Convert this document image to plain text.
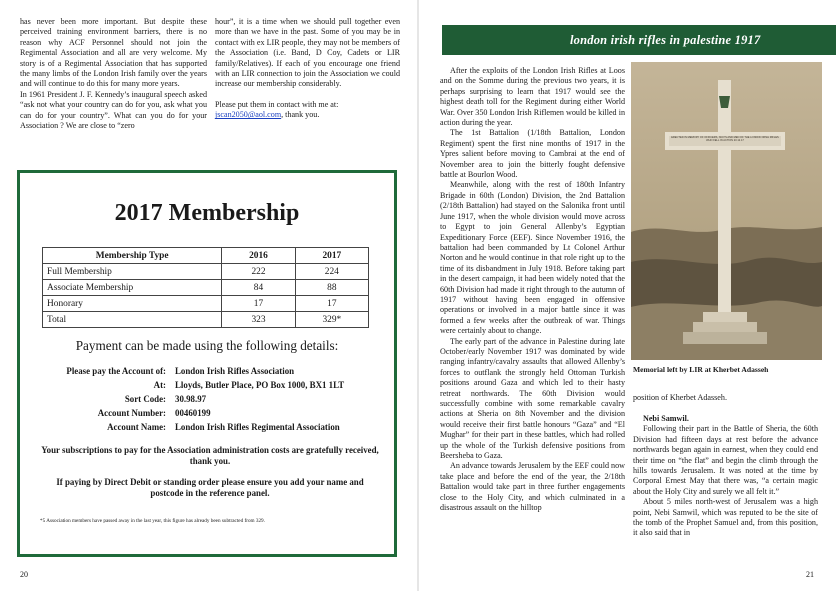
has never been more important. But despite these perceived training environment barriers, there is no reason why ACF Personnel should not join the Regimental Association and all are very welcome. My story is of a Regimental Association that has supported the many limbs of the London Irish family over the years and will continue to do this for many more years.

In 1961 President J. F. Kennedy’s inaugural speech asked “ask not what your country can do for you, ask what you can do for your country”. What can you do for your Association ? We are close to “zero

hour”, it is a time when we should pull together even more than we have in the past. Some of you may be in contact with ex LIR people, they may not be members of the Association (i.e. Band, D Coy, Cadets or LIR family/Relatives). If each of you encourage one friend with an LIR connection to join the Association we could increase our membership considerably.

Please put them in contact with me at:
jscan2050@aol.com, thank you.

2017 Membership
Membership Type	2016	2017
Full Membership	222	224
Associate Membership	84	88
Honorary	17	17
Total	323	329*
Payment can be made using the following details:
Please pay the Account of: London Irish Rifles Association
At: Lloyds, Butler Place, PO Box 1000, BX1 1LT
Sort Code: 30.98.97
Account Number: 00460199
Account Name: London Irish Rifles Regimental Association
Your subscriptions to pay for the Association administration costs are gratefully received, thank you.
If paying by Direct Debit or standing order please ensure you add your name and postcode in the reference panel.
*5 Association members have passed away in the last year, this figure has already been subtracted from 329.
20
london irish rifles in palestine 1917

After the exploits of the London Irish Rifles at Loos and on the Somme during the previous two years, it is perhaps surprising to learn that 1917 would see the highest death toll for the Regiment during either World War. Over 350 London Irish Riflemen would be killed in action during the year.

The 1st Battalion (1/18th Battalion, London Regiment) spent the first nine months of 1917 in the Ypres salient before moving to Cambrai at the end of November area to join the bitterly fought defensive battle at Bourlon Wood.

Meanwhile, along with the rest of 180th Infantry Brigade in 60th (London) Division, the 2nd Battalion (2/18th Battalion) had stayed on the Salonika front until June 1917, when the whole division would move across to Egypt to join General Allenby’s Egyptian Expeditionary Force (EEF). Since November 1916, the battalion had been commanded by Lt Colonel Arthur Norton and he would continue in that role right up to the time of its disbandment in July 1918. Before taking part in the desert campaign, it had been widely noted that the 60th Division had made it right through to the autumn of 1917 without having been engaged in offensive operations or involved in a major battle since it was formed a few weeks after the outbreak of war. Things were certainly about to change.

The early part of the advance in Palestine during late October/early November 1917 was dominated by wide ranging infantry/cavalry assaults that allowed Allenby’s forces to outflank the strongly held Ottoman Turkish positions around Gaza and which led to their hasty retreat northwards. The 60th Division would successfully combine with some remarkable cavalry actions at Sheria on 8th November and the division would receive their first battle honours “Gaza” and “El Mughar” for their part in these battles, which had rolled up the whole of the Turkish defensive positions from Beersheba to Gaza.

An advance towards Jerusalem by the EEF could now take place and before the end of the year, the 2/18th Battalion would take part in three further engagements close to the Holy City, and which culminated in a disastrous assault on the hilltop

ERECTED IN MEMORY OF OFFICERS, NCO'S AND MEN OF THE LONDON IRISH RIFLES WHO FELL IN ACTION 23.12.17
Memorial left by LIR at Kherbet Adasseh
position of Kherbet Adasseh.

Nebi Samwil.

Following their part in the Battle of Sheria, the 60th Division had fifteen days at rest before the advance northwards began again in earnest, when they could end their time on “the flat” and begin the climb through the hills towards Jerusalem. It was noted at the time by Corporal Ernest May that there was, “a certain magic about the Holy City and surely we all felt it.”

About 5 miles north-west of Jerusalem was a high point, Nebi Samwil, which was reputed to be the site of the tomb of the Prophet Samuel and, from this position, it also said that in

21
